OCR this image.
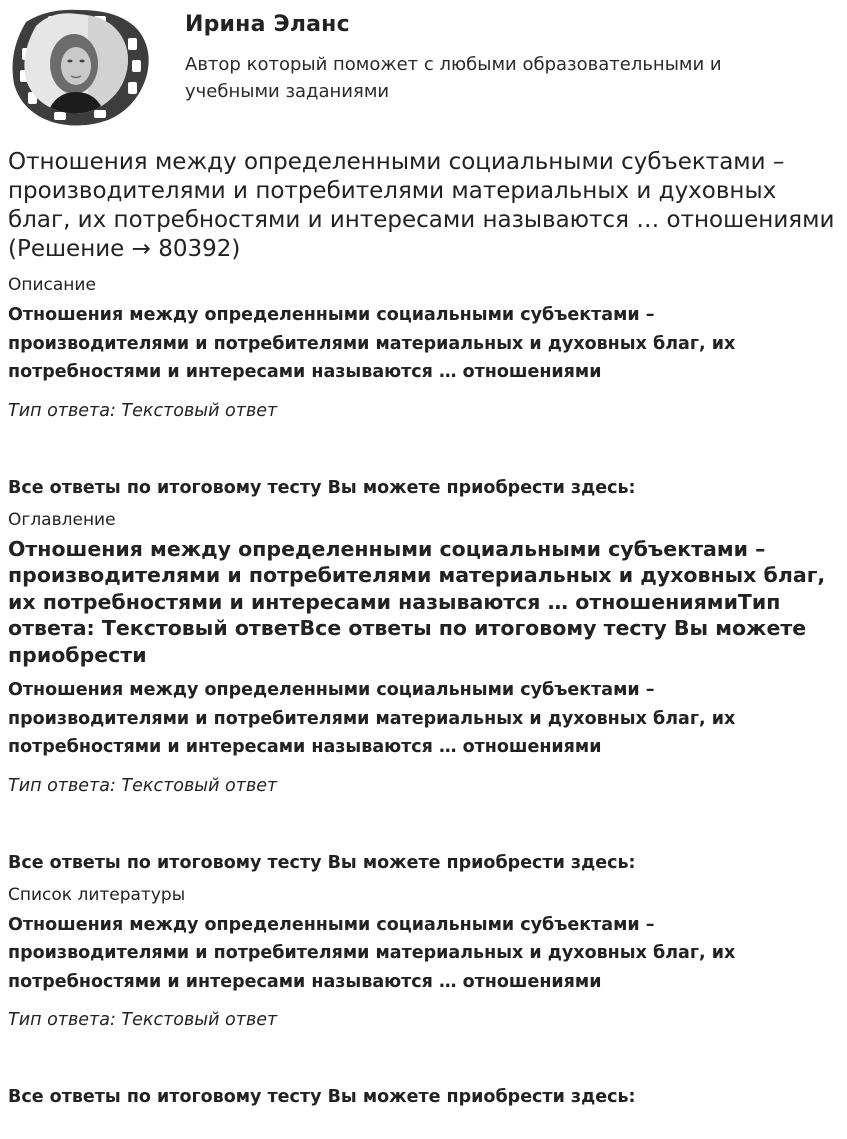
Ирина Эланс
Автор который поможет с любыми образовательными и учебными заданиями
Отношения между определенными социальными субъектами – производителями и потребителями материальных и духовных благ, их потребностями и интересами называются … отношениями (Решение → 80392)
Описание

Отношения между определенными социальными субъектами – производителями и потребителями материальных и духовных благ, их потребностями и интересами называются … отношениями

Тип ответа: Текстовый ответ

Все ответы по итоговому тесту Вы можете приобрести здесь:

Оглавление
Отношения между определенными социальными субъектами – производителями и потребителями материальных и духовных благ, их потребностями и интересами называются … отношениямиТип ответа: Текстовый ответВсе ответы по итоговому тесту Вы можете приобрести

Отношения между определенными социальными субъектами – производителями и потребителями материальных и духовных благ, их потребностями и интересами называются … отношениями

Тип ответа: Текстовый ответ

Все ответы по итоговому тесту Вы можете приобрести здесь:

Список литературы

Отношения между определенными социальными субъектами – производителями и потребителями материальных и духовных благ, их потребностями и интересами называются … отношениями

Тип ответа: Текстовый ответ

Все ответы по итоговому тесту Вы можете приобрести здесь:
